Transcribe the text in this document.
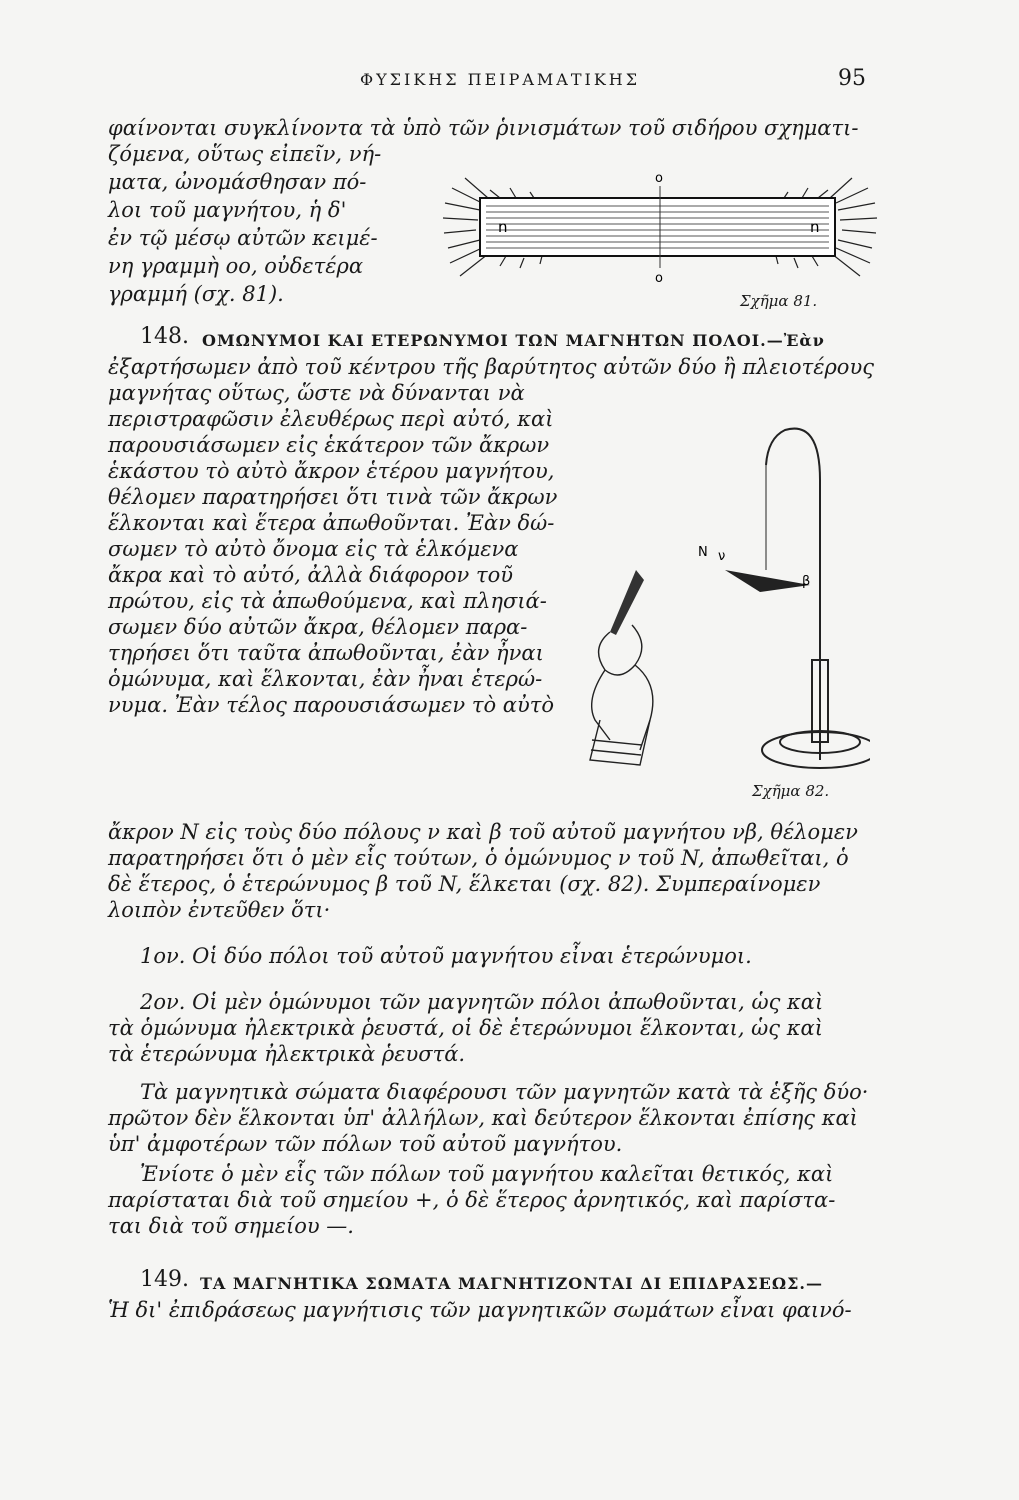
ΦΥΣΙΚΗΣ ΠΕΙΡΑΜΑΤΙΚΗΣ	95
o
o
n	n
Σχῆμα 81.
N ν
β
Σχῆμα 82.
φαίνονται συγκλίνοντα τὰ ὑπὸ τῶν ῥινισμάτων τοῦ σιδήρου σχηματι-
ζόμενα, οὕτως εἰπεῖν, νή-
ματα, ὠνομάσθησαν πό-
λοι τοῦ μαγνήτου, ἡ δ'
ἐν τῷ μέσῳ αὐτῶν κειμέ-
νη γραμμὴ οο, οὐδετέρα
γραμμή (σχ. 81).
148. ΟΜΩΝΥΜΟΙ ΚΑΙ ΕΤΕΡΩΝΥΜΟΙ ΤΩΝ ΜΑΓΝΗΤΩΝ ΠΟΛΟΙ.—Ἐὰν
ἐξαρτήσωμεν ἀπὸ τοῦ κέντρου τῆς βαρύτητος αὐτῶν δύο ἢ πλειοτέρους
μαγνήτας οὕτως, ὥστε νὰ δύνανται νὰ
περιστραφῶσιν ἐλευθέρως περὶ αὐτό, καὶ
παρουσιάσωμεν εἰς ἑκάτερον τῶν ἄκρων
ἑκάστου τὸ αὐτὸ ἄκρον ἑτέρου μαγνήτου,
θέλομεν παρατηρήσει ὅτι τινὰ τῶν ἄκρων
ἕλκονται καὶ ἕτερα ἀπωθοῦνται. Ἐὰν δώ-
σωμεν τὸ αὐτὸ ὄνομα εἰς τὰ ἑλκόμενα
ἄκρα καὶ τὸ αὐτό, ἀλλὰ διάφορον τοῦ
πρώτου, εἰς τὰ ἀπωθούμενα, καὶ πλησιά-
σωμεν δύο αὐτῶν ἄκρα, θέλομεν παρα-
τηρήσει ὅτι ταῦτα ἀπωθοῦνται, ἐὰν ἦναι
ὁμώνυμα, καὶ ἕλκονται, ἐὰν ἦναι ἑτερώ-
νυμα. Ἐὰν τέλος παρουσιάσωμεν τὸ αὐτὸ
ἄκρον N εἰς τοὺς δύο πόλους ν καὶ β τοῦ αὐτοῦ μαγνήτου νβ, θέλομεν
παρατηρήσει ὅτι ὁ μὲν εἷς τούτων, ὁ ὁμώνυμος ν τοῦ N, ἀπωθεῖται, ὁ
δὲ ἕτερος, ὁ ἑτερώνυμος β τοῦ N, ἕλκεται (σχ. 82). Συμπεραίνομεν
λοιπὸν ἐντεῦθεν ὅτι·
1ον. Οἱ δύο πόλοι τοῦ αὐτοῦ μαγνήτου εἶναι ἑτερώνυμοι.
2ον. Οἱ μὲν ὁμώνυμοι τῶν μαγνητῶν πόλοι ἀπωθοῦνται, ὡς καὶ
τὰ ὁμώνυμα ἠλεκτρικὰ ῥευστά, οἱ δὲ ἑτερώνυμοι ἕλκονται, ὡς καὶ
τὰ ἑτερώνυμα ἠλεκτρικὰ ῥευστά.
Τὰ μαγνητικὰ σώματα διαφέρουσι τῶν μαγνητῶν κατὰ τὰ ἑξῆς δύο·
πρῶτον δὲν ἕλκονται ὑπ' ἀλλήλων, καὶ δεύτερον ἕλκονται ἐπίσης καὶ
ὑπ' ἀμφοτέρων τῶν πόλων τοῦ αὐτοῦ μαγνήτου.
Ἐνίοτε ὁ μὲν εἷς τῶν πόλων τοῦ μαγνήτου καλεῖται θετικός, καὶ
παρίσταται διὰ τοῦ σημείου +, ὁ δὲ ἕτερος ἀρνητικός, καὶ παρίστα-
ται διὰ τοῦ σημείου —.
149. ΤΑ ΜΑΓΝΗΤΙΚΑ ΣΩΜΑΤΑ ΜΑΓΝΗΤΙΖΟΝΤΑΙ ΔΙ ΕΠΙΔΡΑΣΕΩΣ.—
Ἡ δι' ἐπιδράσεως μαγνήτισις τῶν μαγνητικῶν σωμάτων εἶναι φαινό-
